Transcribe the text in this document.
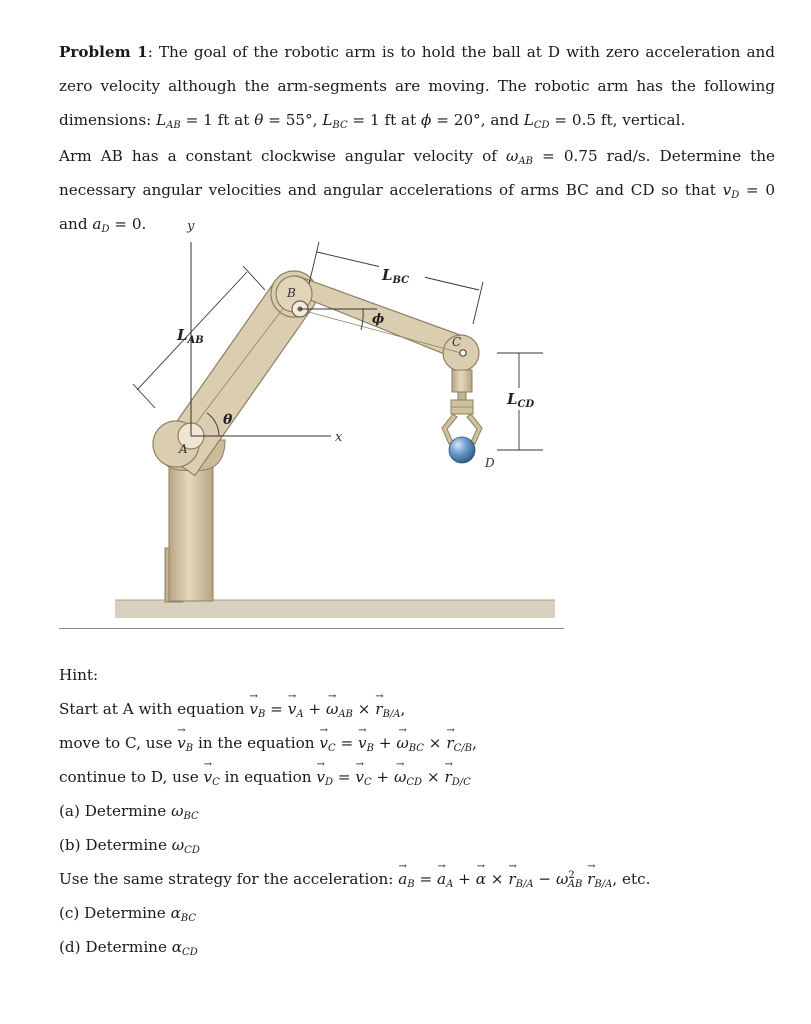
Problem 1: The goal of the robotic arm is to hold the ball at D with zero acceleration and zero velocity although the arm-segments are moving. The robotic arm has the following dimensions: $L_{AB} = 1$ ft at θ = 55°, $L_{BC} = 1$ ft at ϕ = 20°, and $L_{CD} = 0.5$ ft, vertical.
Arm AB has a constant clockwise angular velocity of $\omega_{AB} = 0.75$ rad/s. Determine the necessary angular velocities and angular accelerations of arms BC and CD so that $v_D = 0$ and $a_D = 0$.	y
x
θ
ϕ
B
A
C
D
$L_{AB}$
$L_{BC}$
$L_{CD}$
Hint:
Start at A with equation → $v_B$ = → $v_A$ + → $\omega_{AB}$ × → $r_{B/A}$,
move to C, use → $v_B$ in the equation → $v_C$ = → $v_B$ + → $\omega_{BC}$ × → $r_{C/B}$,
continue to D, use → $v_C$ in equation → $v_D$ = → $v_C$ + → $\omega_{CD}$ × → $r_{D/C}$
(a) Determine $\omega_{BC}$
(b) Determine $\omega_{CD}$
Use the same strategy for the acceleration: → $a_B$ = → $a_A$ + → α × → $r_{B/A} - \omega^2_{AB} \to r_{B/A}$, etc.
(c) Determine $\alpha_{BC}$
(d) Determine $\alpha_{CD}$
